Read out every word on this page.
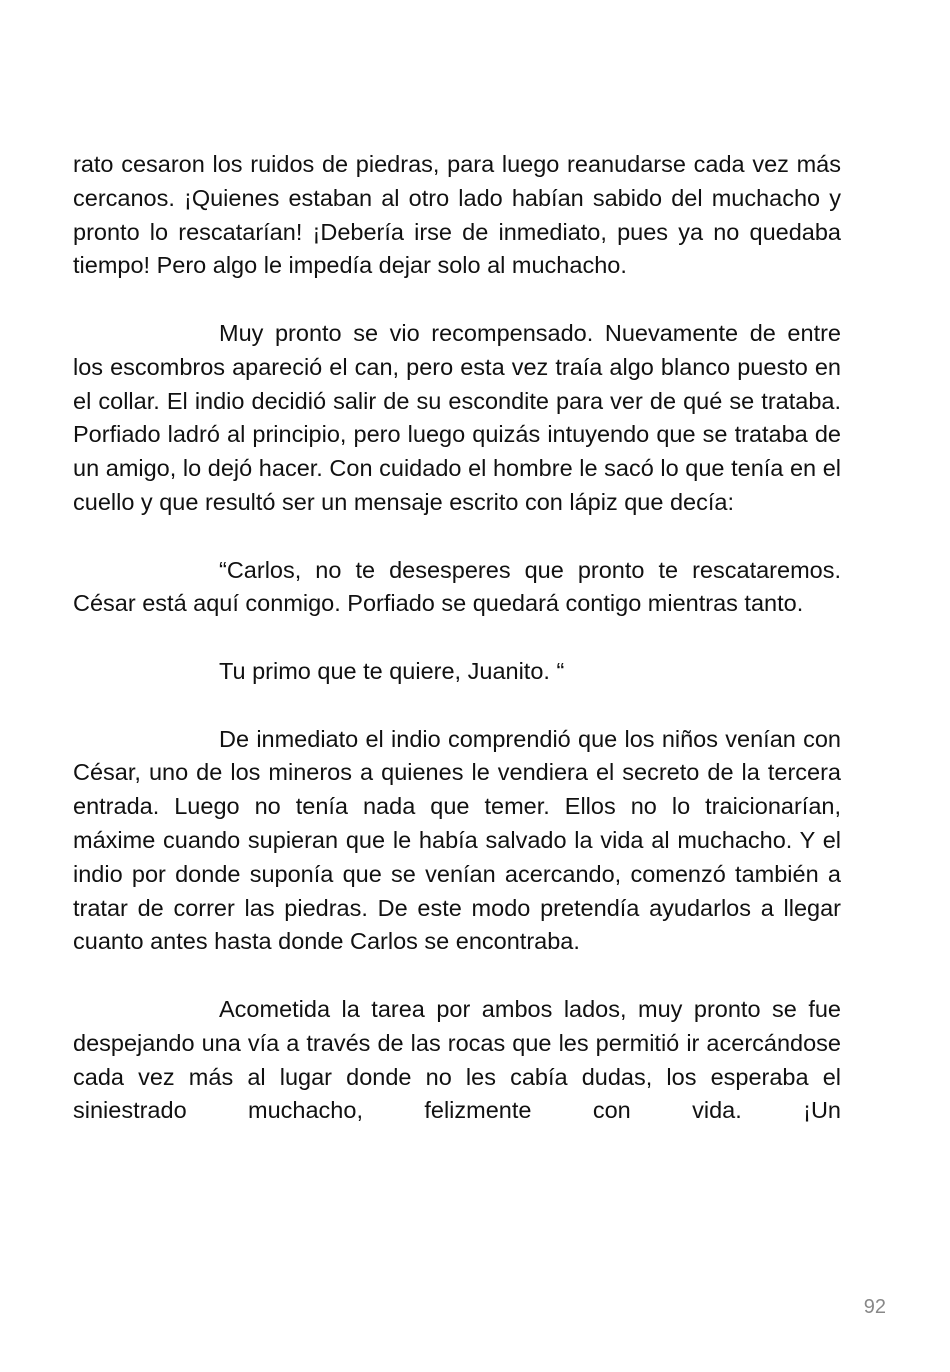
rato cesaron los ruidos de piedras, para luego reanudarse cada vez más cercanos. ¡Quienes estaban al otro lado habían sabido del muchacho y pronto lo rescatarían! ¡Debería irse de inmediato, pues ya no quedaba tiempo! Pero algo le impedía dejar solo al muchacho.

Muy pronto se vio recompensado. Nuevamente de entre los escombros apareció el can, pero esta vez traía algo blanco puesto en el collar. El indio decidió salir de su escondite para ver de qué se trataba. Porfiado ladró al principio, pero luego quizás intuyendo que se trataba de un amigo, lo dejó hacer. Con cuidado el hombre le sacó lo que tenía en el cuello y que resultó ser un mensaje escrito con lápiz que decía:

“Carlos, no te desesperes que pronto te rescataremos. César está aquí conmigo. Porfiado se quedará contigo mientras tanto.

Tu primo que te quiere, Juanito. “

De inmediato el indio comprendió que los niños venían con César, uno de los mineros a quienes le vendiera el secreto de la tercera entrada. Luego no tenía nada que temer. Ellos no lo traicionarían, máxime cuando supieran que le había salvado la vida al muchacho. Y el indio por donde suponía que se venían acercando, comenzó también a tratar de correr las piedras. De este modo pretendía ayudarlos a llegar cuanto antes hasta donde Carlos se encontraba.

Acometida la tarea por ambos lados, muy pronto se fue despejando una vía a través de las rocas que les permitió ir acercándose cada vez más al lugar donde no les cabía dudas, los esperaba el siniestrado muchacho, felizmente con vida. ¡Un

92
